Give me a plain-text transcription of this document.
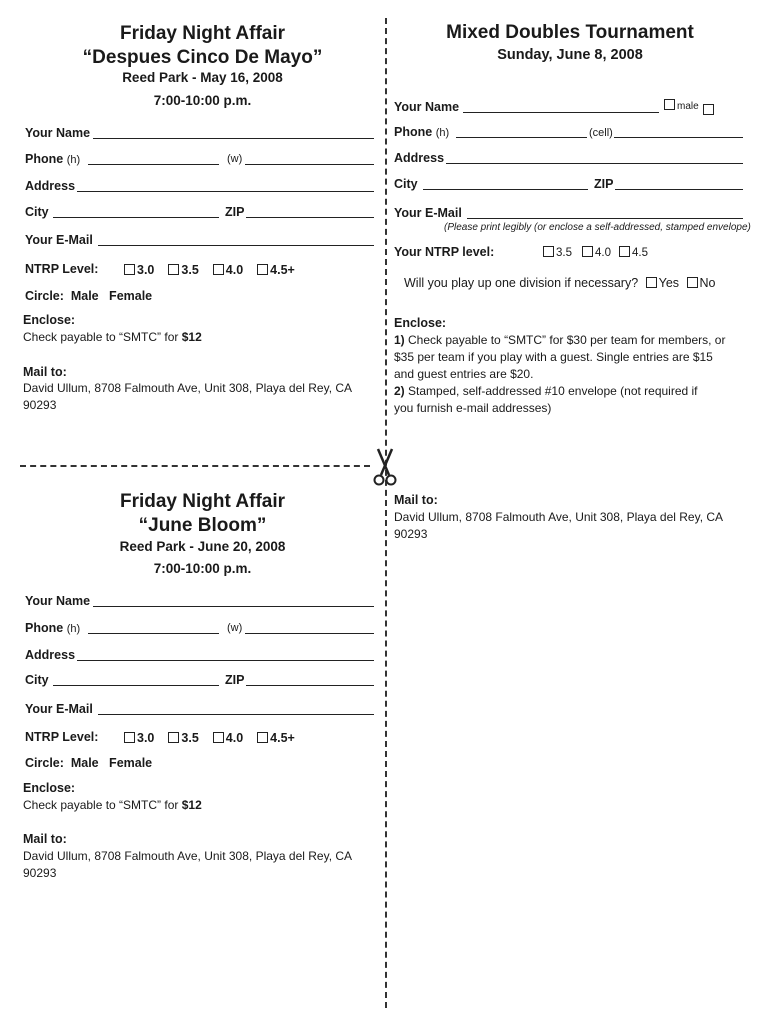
Friday Night Affair
“Despues Cinco De Mayo”
Reed Park - May 16, 2008
7:00-10:00 p.m.
Your Name
Phone (h)	(w)
Address
City	ZIP
Your E-Mail
NTRP Level:	3.0 3.5 4.0 4.5+
Circle:  Male   Female
Enclose:
Check payable to “SMTC” for $12
Mail to:
David Ullum, 8708 Falmouth Ave, Unit 308, Playa del Rey, CA
90293
Friday Night Affair
“June Bloom”
Reed Park - June 20, 2008
7:00-10:00 p.m.
Your Name
Phone (h)	(w)
Address
City	ZIP
Your E-Mail
NTRP Level:	3.0 3.5 4.0 4.5+
Circle:  Male   Female
Enclose:
Check payable to “SMTC” for $12
Mail to:
David Ullum, 8708 Falmouth Ave, Unit 308, Playa del Rey, CA
90293
Mixed Doubles Tournament
Sunday, June 8, 2008
Your Name	male
Phone (h)	(cell)
Address
City	ZIP
Your E-Mail
(Please print legibly (or enclose a self-addressed, stamped envelope)
Your NTRP level:	3.5 4.0 4.5
Will you play up one division if necessary? Yes No
Enclose:
1) Check payable to “SMTC” for $30 per team for members, or
$35 per team if you play with a guest. Single entries are $15
and guest entries are $20.
2) Stamped, self-addressed #10 envelope (not required if
you furnish e-mail addresses)
Mail to:
David Ullum, 8708 Falmouth Ave, Unit 308, Playa del Rey, CA
90293
